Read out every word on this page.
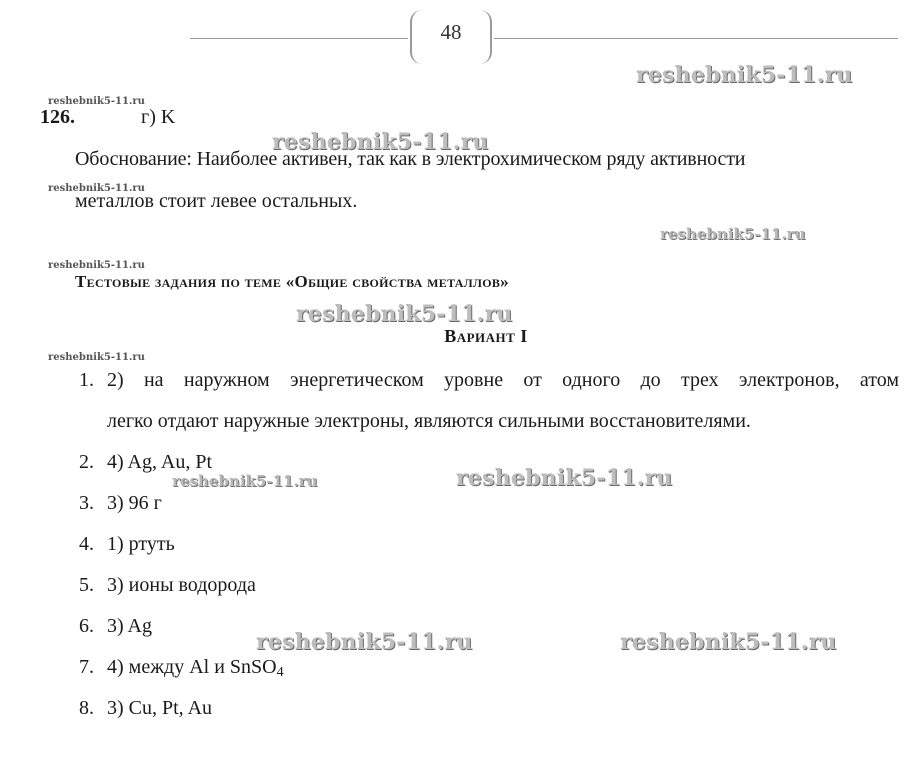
48
reshebnik5-11.ru
reshebnik5-11.ru
reshebnik5-11.ru
reshebnik5-11.ru
reshebnik5-11.ru
reshebnik5-11.ru
reshebnik5-11.ru
reshebnik5-11.ru
reshebnik5-11.ru	reshebnik5-11.ru
reshebnik5-11.ru	reshebnik5-11.ru
126.	г) K
Обоснование: Наиболее активен, так как в электрохимическом ряду активности
металлов стоит левее остальных.
Тестовые задания по теме «Общие свойства металлов»
Вариант I
1. 2) на наружном энергетическом уровне от одного до трех электронов, атом
легко отдают наружные электроны, являются сильными восстановителями.
2. 4) Ag, Au, Pt
3. 3) 96 г
4. 1) ртуть
5. 3) ионы водорода
6. 3) Ag
7. 4) между Al и SnSO$_4$
8. 3) Cu, Pt, Au
